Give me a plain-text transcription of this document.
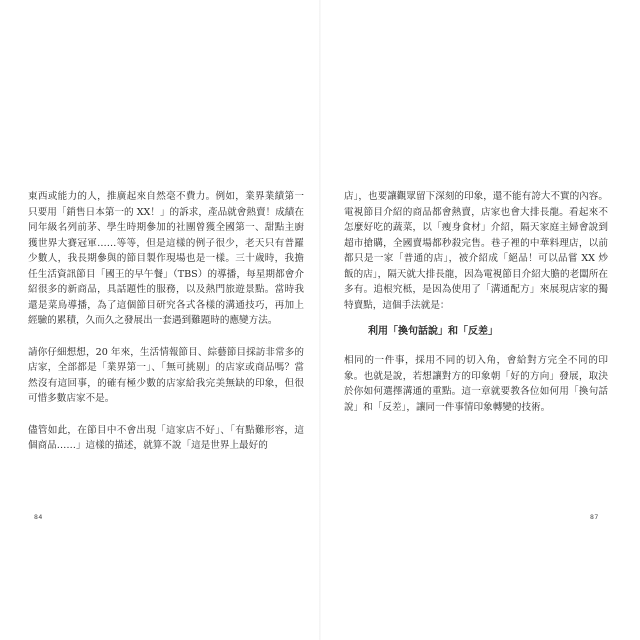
東西或能力的人，推廣起來自然毫不費力。例如，業界業績第一只要用「銷售日本第一的 XX！」的訴求，產品就會熱賣！成績在同年級名列前茅、學生時期參加的社團曾獲全國第一、甜點主廚獲世界大賽冠軍……等等，但是這樣的例子很少，老天只有普羅少數人，我長期參與的節目製作現場也是一樣。三十歲時，我擔任生活資訊節目「國王的早午餐」（TBS）的導播，每星期都會介紹很多的新商品，具話題性的服務，以及熱門旅遊景點。當時我還是菜鳥導播，為了這個節目研究各式各樣的溝通技巧，再加上經驗的累積，久而久之發展出一套遇到難題時的應變方法。

請你仔細想想，20 年來，生活情報節目、綜藝節目採訪非常多的店家，全部都是「業界第一」、「無可挑剔」的店家或商品嗎？當然沒有這回事，的確有極少數的店家給我完美無缺的印象，但很可惜多數店家不是。

儘管如此，在節目中不會出現「這家店不好」、「有點難形容，這個商品……」這樣的描述，就算不說「這是世界上最好的

84	87

店」，也要讓觀眾留下深刻的印象，還不能有誇大不實的內容。電視節目介紹的商品都會熱賣，店家也會大排長龍。看起來不怎麼好吃的蔬菜，以「瘦身食材」介紹，隔天家庭主婦會說到超市搶購，全國賣場都秒殺完售。巷子裡的中華料理店，以前都只是一家「普通的店」，被介紹成「絕品！可以品嘗 XX 炒飯的店」，隔天就大排長龍，因為電視節目介紹大膽的老闆所在多有。追根究柢，是因為使用了「溝通配方」來展現店家的獨特賣點，這個手法就是：

利用「換句話說」和「反差」

相同的一件事，採用不同的切入角，會給對方完全不同的印象。也就是說，若想讓對方的印象朝「好的方向」發展，取決於你如何選擇溝通的重點。這一章就要教各位如何用「換句話說」和「反差」，讓同一件事情印象轉變的技術。
